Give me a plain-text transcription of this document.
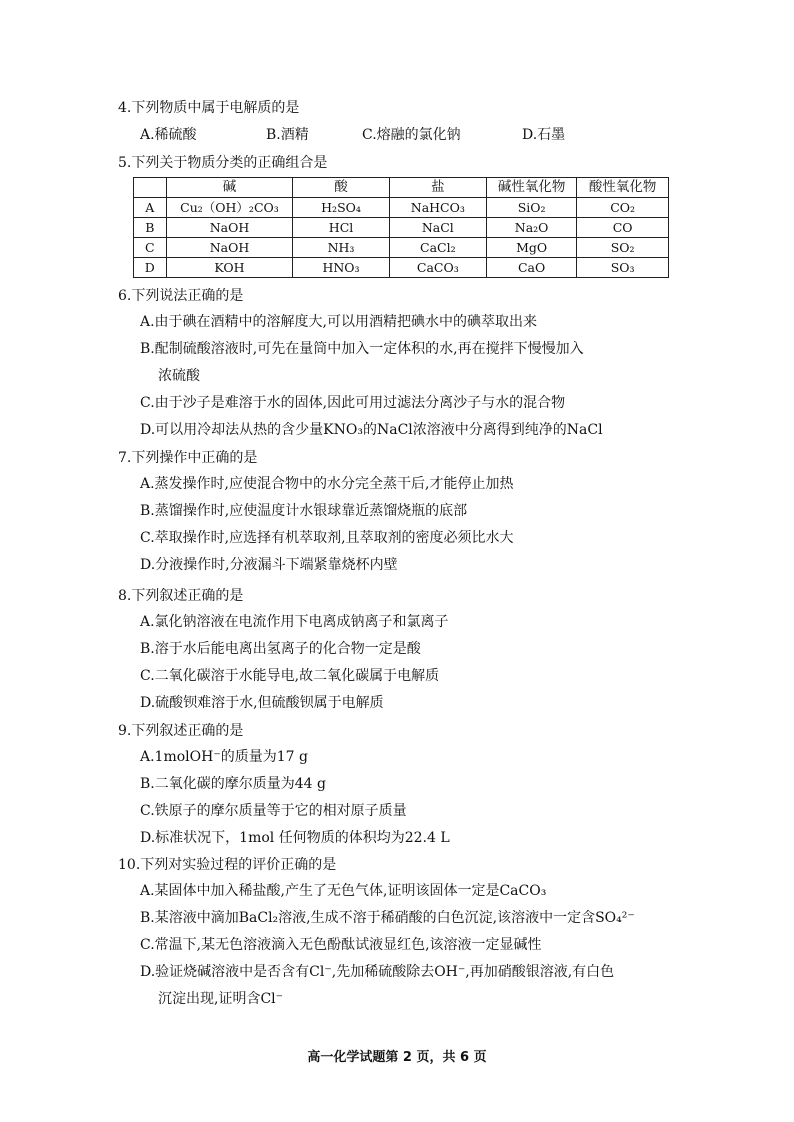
4.下列物质中属于电解质的是
A.稀硫酸	B.酒精	C.熔融的氯化钠	D.石墨
5.下列关于物质分类的正确组合是
	碱	酸	盐	碱性氧化物	酸性氧化物
A	Cu₂（OH）₂CO₃	H₂SO₄	NaHCO₃	SiO₂	CO₂
B	NaOH	HCl	NaCl	Na₂O	CO
C	NaOH	NH₃	CaCl₂	MgO	SO₂
D	KOH	HNO₃	CaCO₃	CaO	SO₃
6.下列说法正确的是
A.由于碘在酒精中的溶解度大,可以用酒精把碘水中的碘萃取出来
B.配制硫酸溶液时,可先在量筒中加入一定体积的水,再在搅拌下慢慢加入
浓硫酸
C.由于沙子是难溶于水的固体,因此可用过滤法分离沙子与水的混合物
D.可以用冷却法从热的含少量KNO₃的NaCl浓溶液中分离得到纯净的NaCl
7.下列操作中正确的是
A.蒸发操作时,应使混合物中的水分完全蒸干后,才能停止加热
B.蒸馏操作时,应使温度计水银球靠近蒸馏烧瓶的底部
C.萃取操作时,应选择有机萃取剂,且萃取剂的密度必须比水大
D.分液操作时,分液漏斗下端紧靠烧杯内壁
8.下列叙述正确的是
A.氯化钠溶液在电流作用下电离成钠离子和氯离子
B.溶于水后能电离出氢离子的化合物一定是酸
C.二氧化碳溶于水能导电,故二氧化碳属于电解质
D.硫酸钡难溶于水,但硫酸钡属于电解质
9.下列叙述正确的是
A.1molOH⁻的质量为17 g
B.二氧化碳的摩尔质量为44 g
C.铁原子的摩尔质量等于它的相对原子质量
D.标准状况下，1mol 任何物质的体积均为22.4 L
10.下列对实验过程的评价正确的是
A.某固体中加入稀盐酸,产生了无色气体,证明该固体一定是CaCO₃
B.某溶液中滴加BaCl₂溶液,生成不溶于稀硝酸的白色沉淀,该溶液中一定含SO₄²⁻
C.常温下,某无色溶液滴入无色酚酞试液显红色,该溶液一定显碱性
D.验证烧碱溶液中是否含有Cl⁻,先加稀硫酸除去OH⁻,再加硝酸银溶液,有白色
沉淀出现,证明含Cl⁻
高一化学试题第 2 页，共 6 页
